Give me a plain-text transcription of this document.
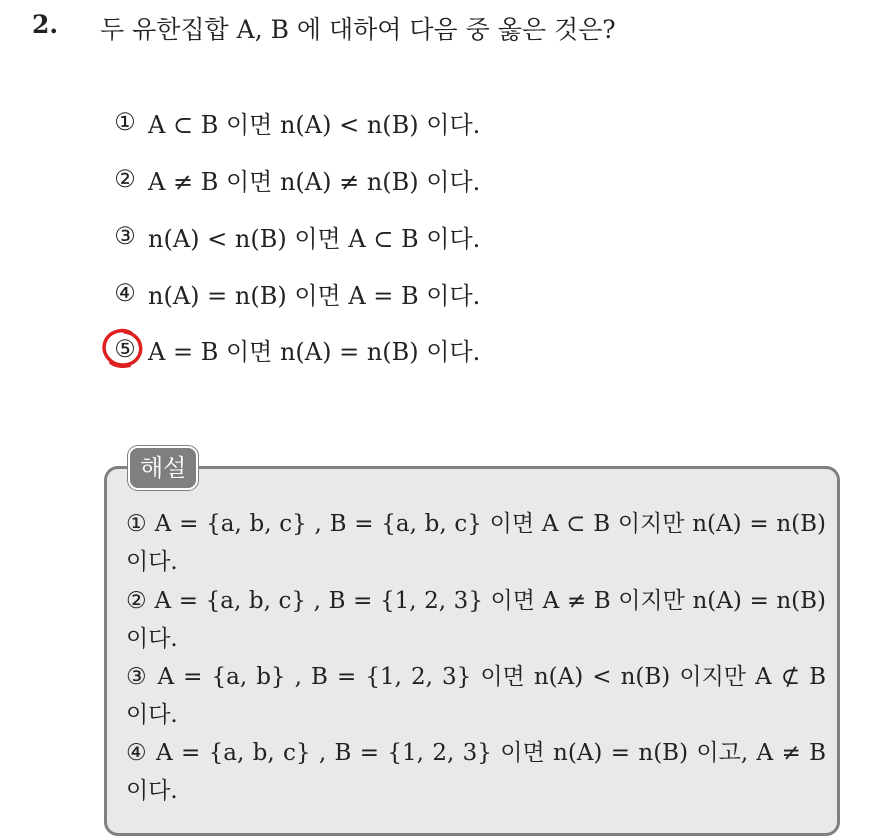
2. 두 유한집합 A, B 에 대하여 다음 중 옳은 것은?
① A ⊂ B 이면 n(A) < n(B) 이다.
② A ≠ B 이면 n(A) ≠ n(B) 이다.
③ n(A) < n(B) 이면 A ⊂ B 이다.
④ n(A) = n(B) 이면 A = B 이다.
⑤ A = B 이면 n(A) = n(B) 이다.
해설
① A = {a, b, c} , B = {a, b, c} 이면 A ⊂ B 이지만 n(A) = n(B)
이다.
② A = {a, b, c} , B = {1, 2, 3} 이면 A ≠ B 이지만 n(A) = n(B)
이다.
③ A = {a, b} , B = {1, 2, 3} 이면 n(A) < n(B) 이지만 A ⊄ B
이다.
④ A = {a, b, c} , B = {1, 2, 3} 이면 n(A) = n(B) 이고, A ≠ B
이다.
